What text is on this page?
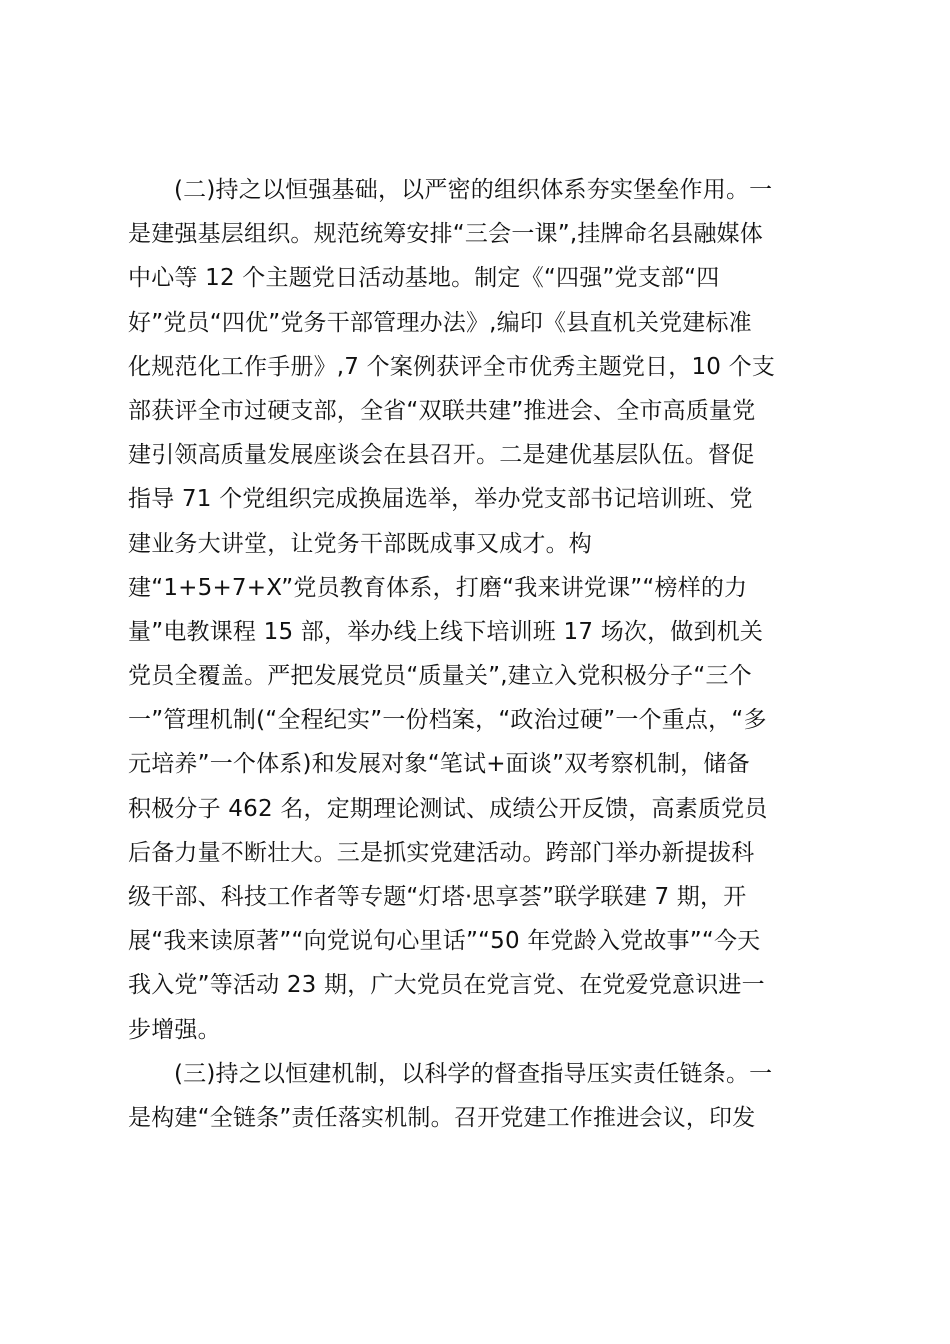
(二)持之以恒强基础，以严密的组织体系夯实堡垒作用。一
是建强基层组织。规范统筹安排“三会一课”,挂牌命名县融媒体
中心等 12 个主题党日活动基地。制定《“四强”党支部“四
好”党员“四优”党务干部管理办法》,编印《县直机关党建标准
化规范化工作手册》,7 个案例获评全市优秀主题党日，10 个支
部获评全市过硬支部，全省“双联共建”推进会、全市高质量党
建引领高质量发展座谈会在县召开。二是建优基层队伍。督促
指导 71 个党组织完成换届选举，举办党支部书记培训班、党
建业务大讲堂，让党务干部既成事又成才。构
建“1+5+7+X”党员教育体系，打磨“我来讲党课”“榜样的力
量”电教课程 15 部，举办线上线下培训班 17 场次，做到机关
党员全覆盖。严把发展党员“质量关”,建立入党积极分子“三个
一”管理机制(“全程纪实”一份档案，“政治过硬”一个重点，“多
元培养”一个体系)和发展对象“笔试+面谈”双考察机制，储备
积极分子 462 名，定期理论测试、成绩公开反馈，高素质党员
后备力量不断壮大。三是抓实党建活动。跨部门举办新提拔科
级干部、科技工作者等专题“灯塔·思享荟”联学联建 7 期，开
展“我来读原著”“向党说句心里话”“50 年党龄入党故事”“今天
我入党”等活动 23 期，广大党员在党言党、在党爱党意识进一
步增强。
(三)持之以恒建机制，以科学的督查指导压实责任链条。一
是构建“全链条”责任落实机制。召开党建工作推进会议，印发
